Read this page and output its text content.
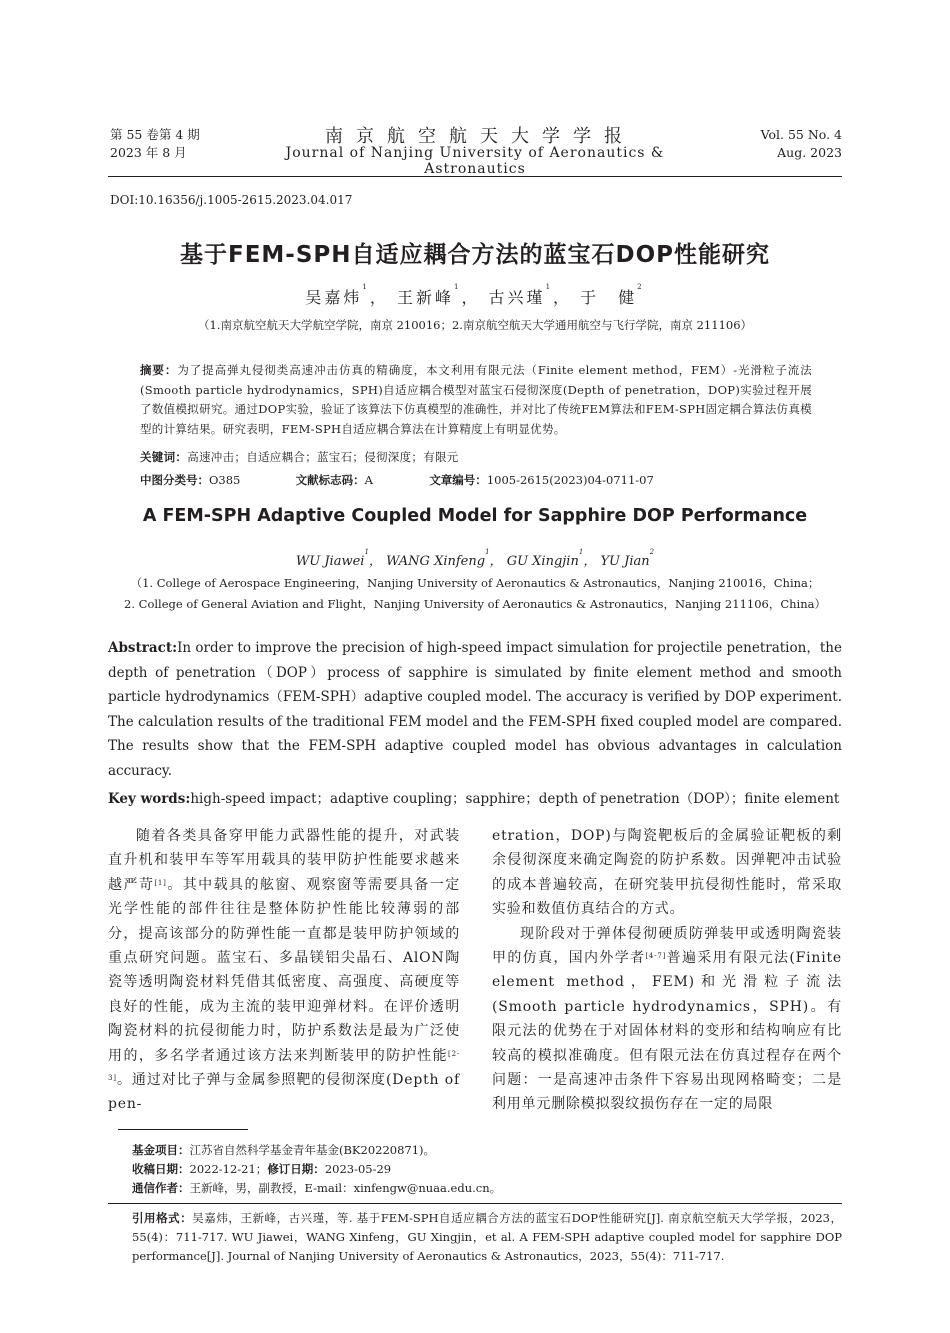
第 55 卷第 4 期
2023 年 8 月
南京航空航天大学学报
Journal of Nanjing University of Aeronautics & Astronautics
Vol. 55 No. 4
Aug. 2023
DOI:10.16356/j.1005-2615.2023.04.017
基于FEM-SPH自适应耦合方法的蓝宝石DOP性能研究
吴嘉炜$^1$， 王新峰$^1$， 古兴瑾$^1$， 于　健$^2$
（1.南京航空航天大学航空学院，南京 210016；2.南京航空航天大学通用航空与飞行学院，南京 211106）
摘要：为了提高弹丸侵彻类高速冲击仿真的精确度，本文利用有限元法（Finite element method，FEM）-光滑粒子流法(Smooth particle hydrodynamics，SPH)自适应耦合模型对蓝宝石侵彻深度(Depth of penetration，DOP)实验过程开展了数值模拟研究。通过DOP实验，验证了该算法下仿真模型的准确性，并对比了传统FEM算法和FEM-SPH固定耦合算法仿真模型的计算结果。研究表明，FEM-SPH自适应耦合算法在计算精度上有明显优势。
关键词：高速冲击；自适应耦合；蓝宝石；侵彻深度；有限元
中图分类号：O385	文献标志码：A	文章编号：1005-2615(2023)04-0711-07
A FEM-SPH Adaptive Coupled Model for Sapphire DOP Performance
WU Jiawei$^1$， WANG Xinfeng$^1$， GU Xingjin$^1$， YU Jian$^2$
（1. College of Aerospace Engineering，Nanjing University of Aeronautics & Astronautics，Nanjing 210016，China；
2. College of General Aviation and Flight，Nanjing University of Aeronautics & Astronautics，Nanjing 211106，China）
Abstract:In order to improve the precision of high-speed impact simulation for projectile penetration，the depth of penetration（DOP）process of sapphire is simulated by finite element method and smooth particle hydrodynamics（FEM-SPH）adaptive coupled model. The accuracy is verified by DOP experiment. The calculation results of the traditional FEM model and the FEM-SPH fixed coupled model are compared. The results show that the FEM-SPH adaptive coupled model has obvious advantages in calculation accuracy.
Key words:high-speed impact；adaptive coupling；sapphire；depth of penetration（DOP）；finite element

随着各类具备穿甲能力武器性能的提升，对武装直升机和装甲车等军用载具的装甲防护性能要求越来越严苛[1]。其中载具的舷窗、观察窗等需要具备一定光学性能的部件往往是整体防护性能比较薄弱的部分，提高该部分的防弹性能一直都是装甲防护领域的重点研究问题。蓝宝石、多晶镁铝尖晶石、AlON陶瓷等透明陶瓷材料凭借其低密度、高强度、高硬度等良好的性能，成为主流的装甲迎弹材料。在评价透明陶瓷材料的抗侵彻能力时，防护系数法是最为广泛使用的，多名学者通过该方法来判断装甲的防护性能[2-3]。通过对比子弹与金属参照靶的侵彻深度(Depth of pen-

etration，DOP)与陶瓷靶板后的金属验证靶板的剩余侵彻深度来确定陶瓷的防护系数。因弹靶冲击试验的成本普遍较高，在研究装甲抗侵彻性能时，常采取实验和数值仿真结合的方式。

现阶段对于弹体侵彻硬质防弹装甲或透明陶瓷装甲的仿真，国内外学者[4-7]普遍采用有限元法(Finite element method，FEM)和光滑粒子流法(Smooth particle hydrodynamics，SPH)。有限元法的优势在于对固体材料的变形和结构响应有比较高的模拟准确度。但有限元法在仿真过程存在两个问题：一是高速冲击条件下容易出现网格畸变；二是利用单元删除模拟裂纹损伤存在一定的局限

基金项目：江苏省自然科学基金青年基金(BK20220871)。
收稿日期：2022-12-21；修订日期：2023-05-29
通信作者：王新峰，男，副教授，E-mail：xinfengw@nuaa.edu.cn。
引用格式：吴嘉炜，王新峰，古兴瑾，等. 基于FEM-SPH自适应耦合方法的蓝宝石DOP性能研究[J]. 南京航空航天大学学报，2023，55(4)：711-717. WU Jiawei，WANG Xinfeng，GU Xingjin，et al. A FEM-SPH adaptive coupled model for sapphire DOP performance[J]. Journal of Nanjing University of Aeronautics & Astronautics，2023，55(4)：711-717.
